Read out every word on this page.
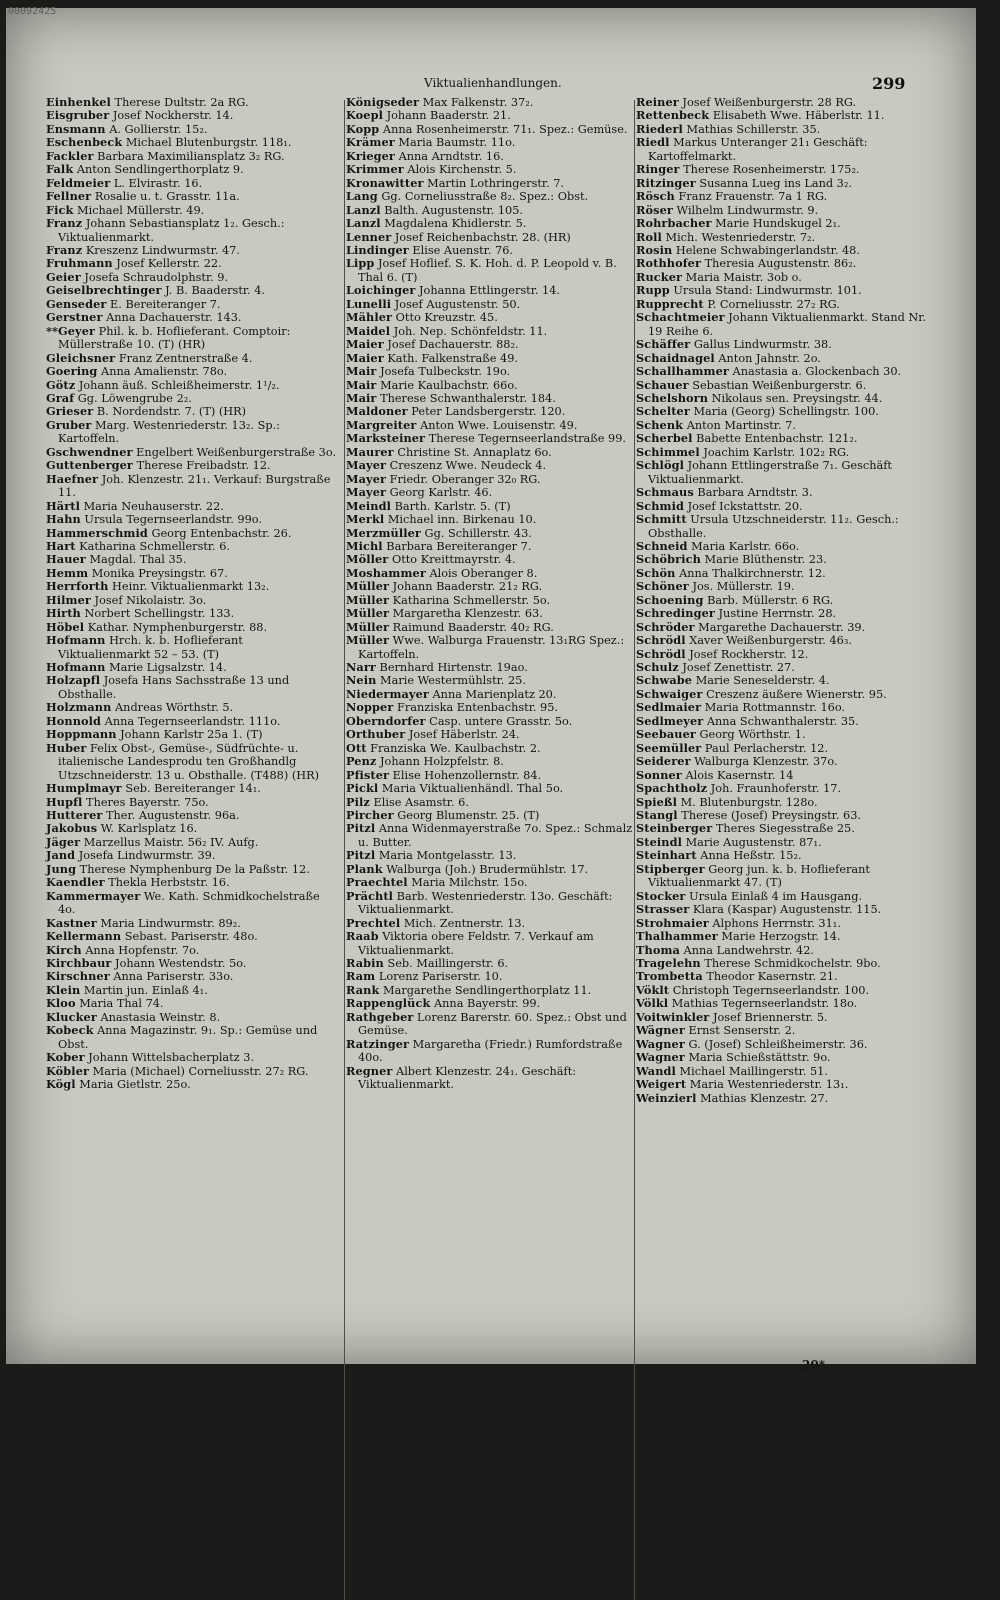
00092425
Viktualienhandlungen.	299
Einhenkel Therese Dultstr. 2a RG.
Eisgruber Josef Nockherstr. 14.
Ensmann A. Gollierstr. 15₂.
Eschenbeck Michael Blutenburgstr. 118₁.
Fackler Barbara Maximiliansplatz 3₂ RG.
Falk Anton Sendlingerthorplatz 9.
Feldmeier L. Elvirastr. 16.
Fellner Rosalie u. t. Grasstr. 11a.
Fick Michael Müllerstr. 49.
Franz Johann Sebastiansplatz 1₂. Gesch.: Viktualienmarkt.
Franz Kreszenz Lindwurmstr. 47.
Fruhmann Josef Kellerstr. 22.
Geier Josefa Schraudolphstr. 9.
Geiselbrechtinger J. B. Baaderstr. 4.
Genseder E. Bereiteranger 7.
Gerstner Anna Dachauerstr. 143.
**Geyer Phil. k. b. Hoflieferant. Comptoir: Müllerstraße 10. (T) (HR)
Gleichsner Franz Zentnerstraße 4.
Goering Anna Amalienstr. 78o.
Götz Johann äuß. Schleißheimerstr. 1¹/₂.
Graf Gg. Löwengrube 2₂.
Grieser B. Nordendstr. 7. (T) (HR)
Gruber Marg. Westenriederstr. 13₂. Sp.: Kartoffeln.
Gschwendner Engelbert Weißenburgerstraße 3o.
Guttenberger Therese Freibadstr. 12.
Haefner Joh. Klenzestr. 21₁. Verkauf: Burgstraße 11.
Härtl Maria Neuhauserstr. 22.
Hahn Ursula Tegernseerlandstr. 99o.
Hammerschmid Georg Entenbachstr. 26.
Hart Katharina Schmellerstr. 6.
Hauer Magdal. Thal 35.
Hemm Monika Preysingstr. 67.
Herrforth Heinr. Viktualienmarkt 13₂.
Hilmer Josef Nikolaistr. 3o.
Hirth Norbert Schellingstr. 133.
Höbel Kathar. Nymphenburgerstr. 88.
Hofmann Hrch. k. b. Hoflieferant Viktualienmarkt 52 – 53. (T)
Hofmann Marie Ligsalzstr. 14.
Holzapfl Josefa Hans Sachsstraße 13 und Obsthalle.
Holzmann Andreas Wörthstr. 5.
Honnold Anna Tegernseerlandstr. 111o.
Hoppmann Johann Karlstr 25a 1. (T)
Huber Felix Obst-, Gemüse-, Südfrüchte- u. italienische Landesprodu ten Großhandlg Utzschneiderstr. 13 u. Obsthalle. (T488) (HR)
Humplmayr Seb. Bereiteranger 14₁.
Hupfl Theres Bayerstr. 75o.
Hutterer Ther. Augustenstr. 96a.
Jakobus W. Karlsplatz 16.
Jäger Marzellus Maistr. 56₂ IV. Aufg.
Jand Josefa Lindwurmstr. 39.
Jung Therese Nymphenburg De la Paßstr. 12.
Kaendler Thekla Herbststr. 16.
Kammermayer We. Kath. Schmidkochelstraße 4o.
Kastner Maria Lindwurmstr. 89₂.
Kellermann Sebast. Pariserstr. 48o.
Kirch Anna Hopfenstr. 7o.
Kirchbaur Johann Westendstr. 5o.
Kirschner Anna Pariserstr. 33o.
Klein Martin jun. Einlaß 4₁.
Kloo Maria Thal 74.
Klucker Anastasia Weinstr. 8.
Kobeck Anna Magazinstr. 9₁. Sp.: Gemüse und Obst.
Kober Johann Wittelsbacherplatz 3.
Köbler Maria (Michael) Corneliusstr. 27₂ RG.
Kögl Maria Gietlstr. 25o.
Königseder Max Falkenstr. 37₂.
Koepl Johann Baaderstr. 21.
Kopp Anna Rosenheimerstr. 71₁. Spez.: Gemüse.
Krämer Maria Baumstr. 11o.
Krieger Anna Arndtstr. 16.
Krimmer Alois Kirchenstr. 5.
Kronawitter Martin Lothringerstr. 7.
Lang Gg. Corneliusstraße 8₂. Spez.: Obst.
Lanzl Balth. Augustenstr. 105.
Lanzl Magdalena Khidlerstr. 5.
Lenner Josef Reichenbachstr. 28. (HR)
Lindinger Elise Auenstr. 76.
Lipp Josef Hoflief. S. K. Hoh. d. P. Leopold v. B. Thal 6. (T)
Loichinger Johanna Ettlingerstr. 14.
Lunelli Josef Augustenstr. 50.
Mähler Otto Kreuzstr. 45.
Maidel Joh. Nep. Schönfeldstr. 11.
Maier Josef Dachauerstr. 88₂.
Maier Kath. Falkenstraße 49.
Mair Josefa Tulbeckstr. 19o.
Mair Marie Kaulbachstr. 66o.
Mair Therese Schwanthalerstr. 184.
Maldoner Peter Landsbergerstr. 120.
Margreiter Anton Wwe. Louisenstr. 49.
Marksteiner Therese Tegernseerlandstraße 99.
Maurer Christine St. Annaplatz 6o.
Mayer Creszenz Wwe. Neudeck 4.
Mayer Friedr. Oberanger 32₀ RG.
Mayer Georg Karlstr. 46.
Meindl Barth. Karlstr. 5. (T)
Merkl Michael inn. Birkenau 10.
Merzmüller Gg. Schillerstr. 43.
Michl Barbara Bereiteranger 7.
Möller Otto Kreittmayrstr. 4.
Moshammer Alois Oberanger 8.
Müller Johann Baaderstr. 21₂ RG.
Müller Katharina Schmellerstr. 5o.
Müller Margaretha Klenzestr. 63.
Müller Raimund Baaderstr. 40₂ RG.
Müller Wwe. Walburga Frauenstr. 13₁RG Spez.: Kartoffeln.
Narr Bernhard Hirtenstr. 19ao.
Nein Marie Westermühlstr. 25.
Niedermayer Anna Marienplatz 20.
Nopper Franziska Entenbachstr. 95.
Oberndorfer Casp. untere Grasstr. 5o.
Orthuber Josef Häberlstr. 24.
Ott Franziska We. Kaulbachstr. 2.
Penz Johann Holzpfelstr. 8.
Pfister Elise Hohenzollernstr. 84.
Pickl Maria Viktualienhändl. Thal 5o.
Pilz Elise Asamstr. 6.
Pircher Georg Blumenstr. 25. (T)
Pitzl Anna Widenmayerstraße 7o. Spez.: Schmalz u. Butter.
Pitzl Maria Montgelasstr. 13.
Plank Walburga (Joh.) Brudermühlstr. 17.
Praechtel Maria Milchstr. 15o.
Prächtl Barb. Westenriederstr. 13o. Geschäft: Viktualienmarkt.
Prechtel Mich. Zentnerstr. 13.
Raab Viktoria obere Feldstr. 7. Verkauf am Viktualienmarkt.
Rabin Seb. Maillingerstr. 6.
Ram Lorenz Pariserstr. 10.
Rank Margarethe Sendlingerthorplatz 11.
Rappenglück Anna Bayerstr. 99.
Rathgeber Lorenz Barerstr. 60. Spez.: Obst und Gemüse.
Ratzinger Margaretha (Friedr.) Rumfordstraße 40o.
Regner Albert Klenzestr. 24₁. Geschäft: Viktualienmarkt.
Reiner Josef Weißenburgerstr. 28 RG.
Rettenbeck Elisabeth Wwe. Häberlstr. 11.
Riederl Mathias Schillerstr. 35.
Riedl Markus Unteranger 21₁ Geschäft: Kartoffelmarkt.
Ringer Therese Rosenheimerstr. 175₂.
Ritzinger Susanna Lueg ins Land 3₂.
Rösch Franz Frauenstr. 7a 1 RG.
Röser Wilhelm Lindwurmstr. 9.
Rohrbacher Marie Hundskugel 2₁.
Roll Mich. Westenriederstr. 7₂.
Rosin Helene Schwabingerlandstr. 48.
Rothhofer Theresia Augustenstr. 86₂.
Rucker Maria Maistr. 3ob o.
Rupp Ursula Stand: Lindwurmstr. 101.
Rupprecht P. Corneliusstr. 27₂ RG.
Schachtmeier Johann Viktualienmarkt. Stand Nr. 19 Reihe 6.
Schäffer Gallus Lindwurmstr. 38.
Schaidnagel Anton Jahnstr. 2o.
Schallhammer Anastasia a. Glockenbach 30.
Schauer Sebastian Weißenburgerstr. 6.
Schelshorn Nikolaus sen. Preysingstr. 44.
Schelter Maria (Georg) Schellingstr. 100.
Schenk Anton Martinstr. 7.
Scherbel Babette Entenbachstr. 121₂.
Schimmel Joachim Karlstr. 102₂ RG.
Schlögl Johann Ettlingerstraße 7₁. Geschäft Viktualienmarkt.
Schmaus Barbara Arndtstr. 3.
Schmid Josef Ickstattstr. 20.
Schmitt Ursula Utzschneiderstr. 11₂. Gesch.: Obsthalle.
Schneid Maria Karlstr. 66o.
Schöbrich Marie Blüthenstr. 23.
Schön Anna Thalkirchnerstr. 12.
Schöner Jos. Müllerstr. 19.
Schoening Barb. Müllerstr. 6 RG.
Schredinger Justine Herrnstr. 28.
Schröder Margarethe Dachauerstr. 39.
Schrödl Xaver Weißenburgerstr. 46₃.
Schrödl Josef Rockherstr. 12.
Schulz Josef Zenettistr. 27.
Schwabe Marie Seneselderstr. 4.
Schwaiger Creszenz äußere Wienerstr. 95.
Sedlmaier Maria Rottmannstr. 16o.
Sedlmeyer Anna Schwanthalerstr. 35.
Seebauer Georg Wörthstr. 1.
Seemüller Paul Perlacherstr. 12.
Seiderer Walburga Klenzestr. 37o.
Sonner Alois Kasernstr. 14
Spachtholz Joh. Fraunhoferstr. 17.
Spießl M. Blutenburgstr. 128o.
Stangl Therese (Josef) Preysingstr. 63.
Steinberger Theres Siegesstraße 25.
Steindl Marie Augustenstr. 87₁.
Steinhart Anna Heßstr. 15₂.
Stipberger Georg jun. k. b. Hoflieferant Viktualienmarkt 47. (T)
Stocker Ursula Einlaß 4 im Hausgang.
Strasser Klara (Kaspar) Augustenstr. 115.
Strohmaier Alphons Herrnstr. 31₁.
Thalhammer Marie Herzogstr. 14.
Thoma Anna Landwehrstr. 42.
Tragelehn Therese Schmidkochelstr. 9bo.
Trombetta Theodor Kasernstr. 21.
Vöklt Christoph Tegernseerlandstr. 100.
Völkl Mathias Tegernseerlandstr. 18o.
Voitwinkler Josef Briennerstr. 5.
Wägner Ernst Senserstr. 2.
Wagner G. (Josef) Schleißheimerstr. 36.
Wagner Maria Schießstättstr. 9o.
Wandl Michael Maillingerstr. 51.
Weigert Maria Westenriederstr. 13₁.
Weinzierl Mathias Klenzestr. 27.
20*
